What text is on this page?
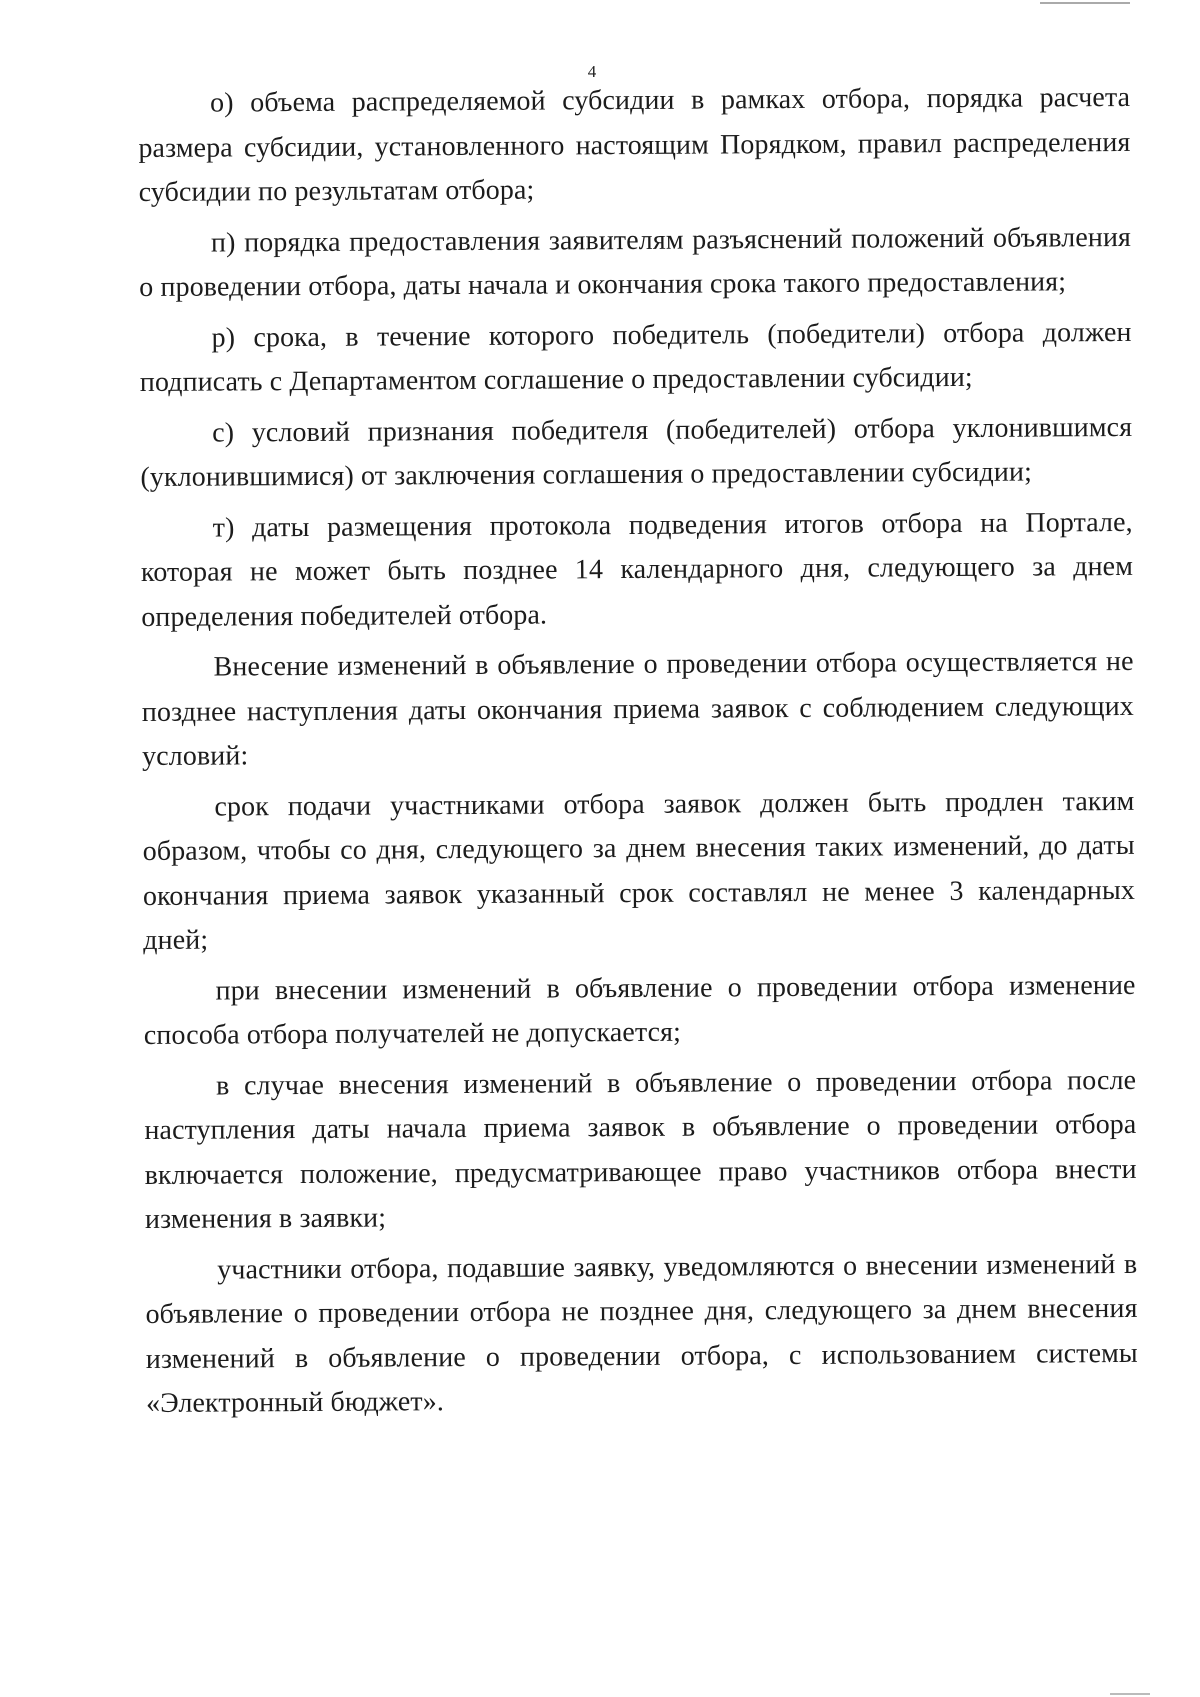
4

о) объема распределяемой субсидии в рамках отбора, порядка расчета размера субсидии, установленного настоящим Порядком, правил распределения субсидии по результатам отбора;

п) порядка предоставления заявителям разъяснений положений объявления о проведении отбора, даты начала и окончания срока такого предоставления;

р) срока, в течение которого победитель (победители) отбора должен подписать с Департаментом соглашение о предоставлении субсидии;

с) условий признания победителя (победителей) отбора уклонившимся (уклонившимися) от заключения соглашения о предоставлении субсидии;

т) даты размещения протокола подведения итогов отбора на Портале, которая не может быть позднее 14 календарного дня, следующего за днем определения победителей отбора.

Внесение изменений в объявление о проведении отбора осуществляется не позднее наступления даты окончания приема заявок с соблюдением следующих условий:

срок подачи участниками отбора заявок должен быть продлен таким образом, чтобы со дня, следующего за днем внесения таких изменений, до даты окончания приема заявок указанный срок составлял не менее 3 календарных дней;

при внесении изменений в объявление о проведении отбора изменение способа отбора получателей не допускается;

в случае внесения изменений в объявление о проведении отбора после наступления даты начала приема заявок в объявление о проведении отбора включается положение, предусматривающее право участников отбора внести изменения в заявки;

участники отбора, подавшие заявку, уведомляются о внесении изменений в объявление о проведении отбора не позднее дня, следующего за днем внесения изменений в объявление о проведении отбора, с использованием системы «Электронный бюджет».
